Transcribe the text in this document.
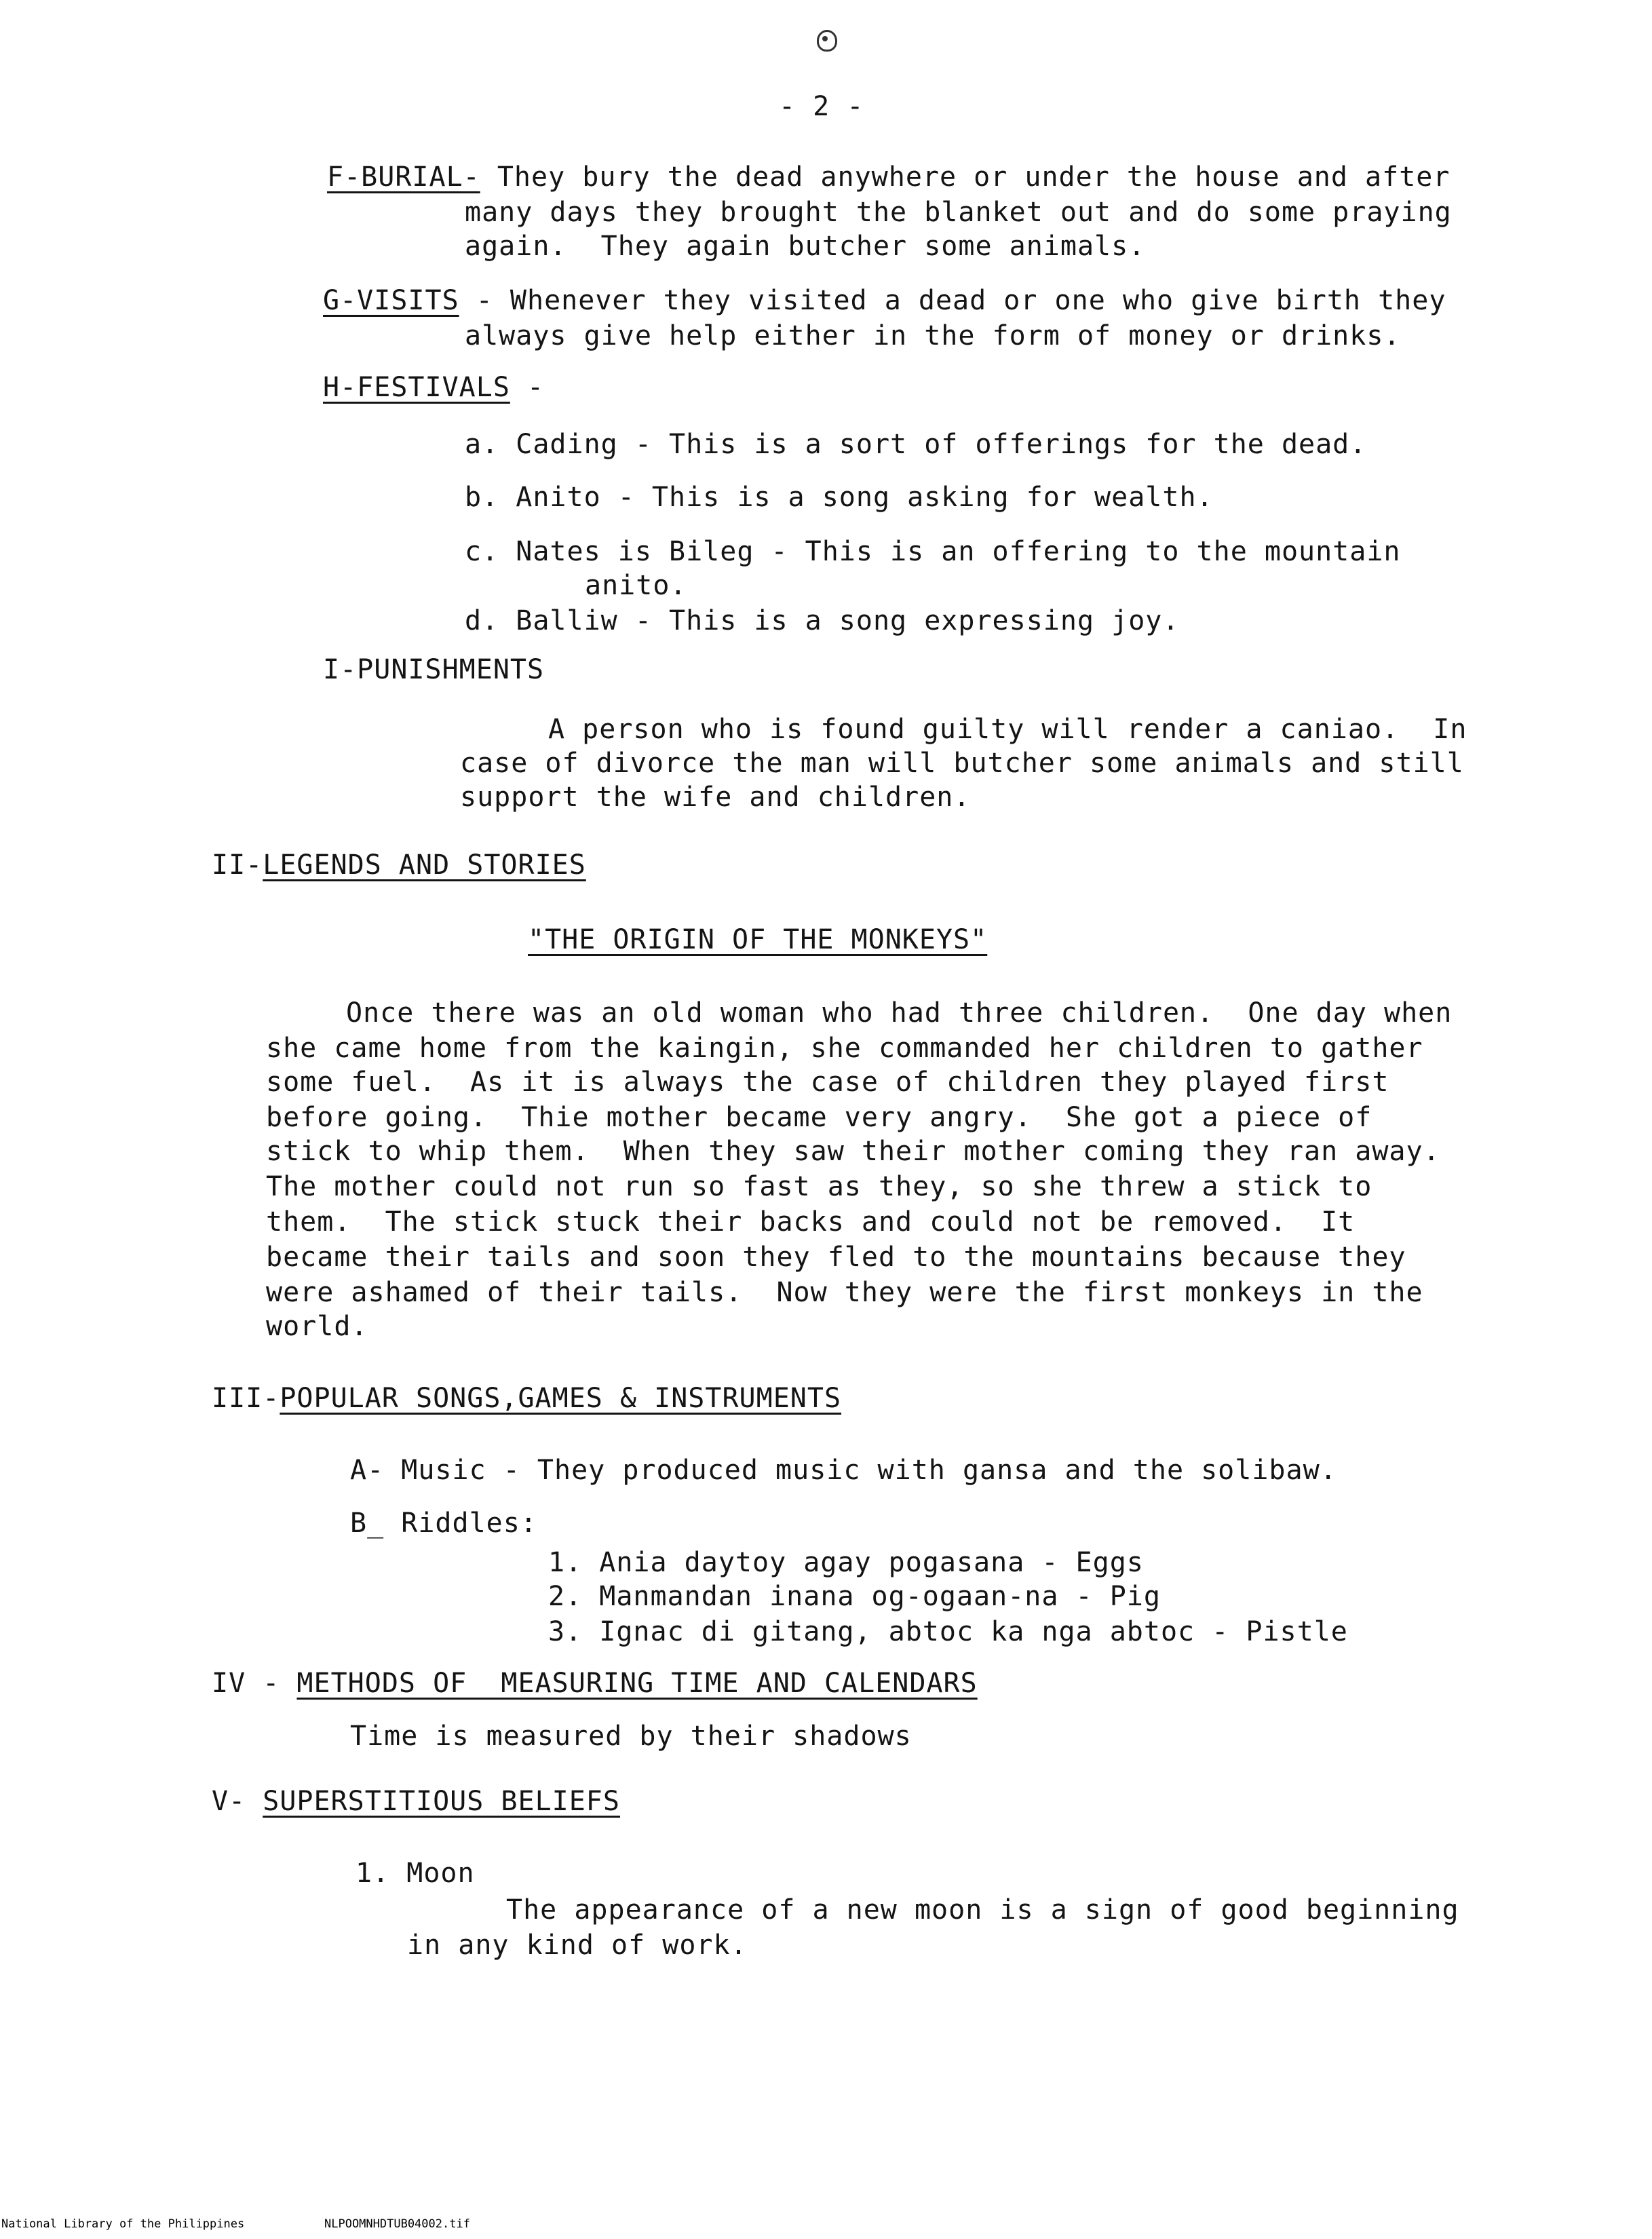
- 2 -
F-BURIAL- They bury the dead anywhere or under the house and after
many days they brought the blanket out and do some praying
again.  They again butcher some animals.
G-VISITS - Whenever they visited a dead or one who give birth they
always give help either in the form of money or drinks.
H-FESTIVALS -
a. Cading - This is a sort of offerings for the dead.
b. Anito - This is a song asking for wealth.
c. Nates is Bileg - This is an offering to the mountain
anito.
d. Balliw - This is a song expressing joy.
I-PUNISHMENTS
A person who is found guilty will render a caniao.  In
case of divorce the man will butcher some animals and still
support the wife and children.
II-LEGENDS AND STORIES
"THE ORIGIN OF THE MONKEYS"
Once there was an old woman who had three children.  One day when
she came home from the kaingin, she commanded her children to gather
some fuel.  As it is always the case of children they played first
before going.  Thie mother became very angry.  She got a piece of
stick to whip them.  When they saw their mother coming they ran away.
The mother could not run so fast as they, so she threw a stick to
them.  The stick stuck their backs and could not be removed.  It
became their tails and soon they fled to the mountains because they
were ashamed of their tails.  Now they were the first monkeys in the
world.
III-POPULAR SONGS,GAMES & INSTRUMENTS
A- Music - They produced music with gansa and the solibaw.
B_ Riddles:
1. Ania daytoy agay pogasana - Eggs
2. Manmandan inana og-ogaan-na - Pig
3. Ignac di gitang, abtoc ka nga abtoc - Pistle
IV - METHODS OF  MEASURING TIME AND CALENDARS
Time is measured by their shadows
V- SUPERSTITIOUS BELIEFS
1. Moon
The appearance of a new moon is a sign of good beginning
in any kind of work.
National Library of the Philippines	NLPOOMNHDTUB04002.tif
